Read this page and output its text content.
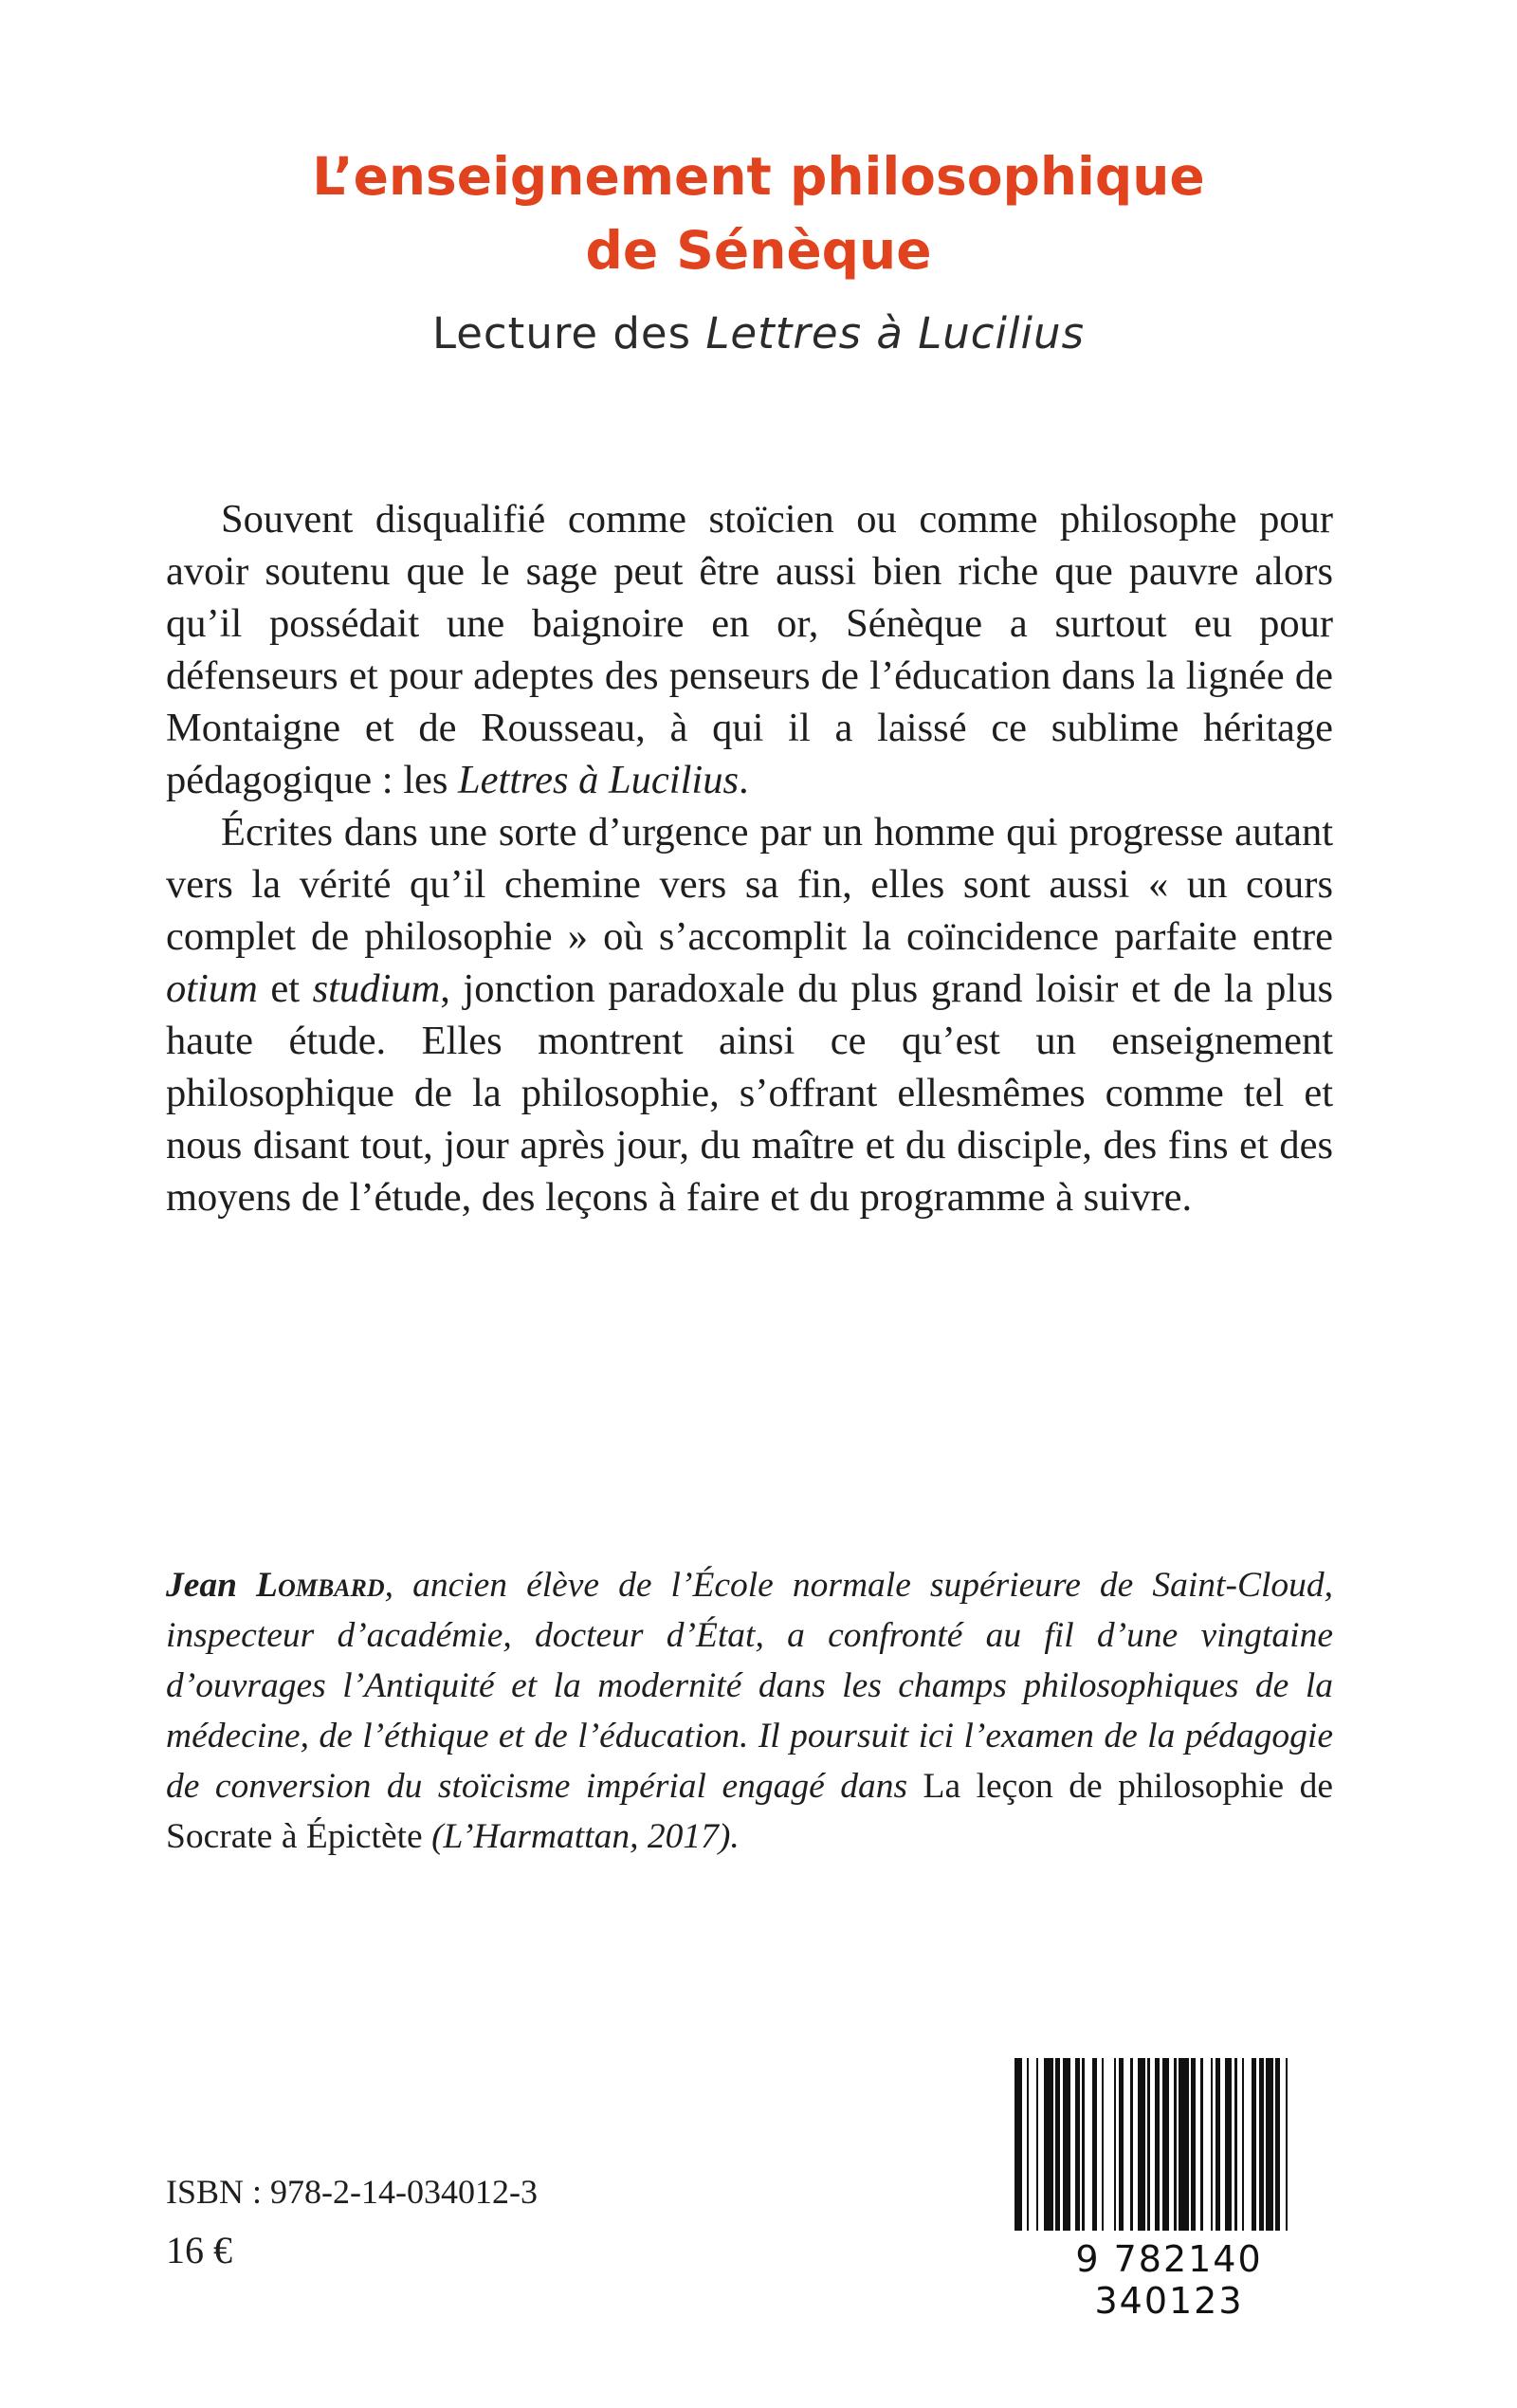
L’enseignement philosophique
de Sénèque
Lecture des Lettres à Lucilius

Souvent disqualifié comme stoïcien ou comme philosophe pour avoir soutenu que le sage peut être aussi bien riche que pauvre alors qu’il possédait une baignoire en or, Sénèque a surtout eu pour défenseurs et pour adeptes des penseurs de l’éducation dans la lignée de Montaigne et de Rousseau, à qui il a laissé ce sublime héritage pédagogique : les Lettres à Lucilius.

Écrites dans une sorte d’urgence par un homme qui progresse autant vers la vérité qu’il chemine vers sa fin, elles sont aussi « un cours complet de philosophie » où s’accomplit la coïncidence parfaite entre otium et studium, jonction paradoxale du plus grand loisir et de la plus haute étude. Elles montrent ainsi ce qu’est un enseignement philosophique de la philosophie, s’offrant ellesmêmes comme tel et nous disant tout, jour après jour, du maître et du disciple, des fins et des moyens de l’étude, des leçons à faire et du programme à suivre.

Jean Lombard, ancien élève de l’École normale supérieure de Saint-Cloud, inspecteur d’académie, docteur d’État, a confronté au fil d’une vingtaine d’ouvrages l’Antiquité et la modernité dans les champs philosophiques de la médecine, de l’éthique et de l’éducation. Il poursuit ici l’examen de la pédagogie de conversion du stoïcisme impérial engagé dans La leçon de philosophie de Socrate à Épictète (L’Harmattan, 2017).

ISBN : 978-2-14-034012-3
16 €	9 782140 340123
